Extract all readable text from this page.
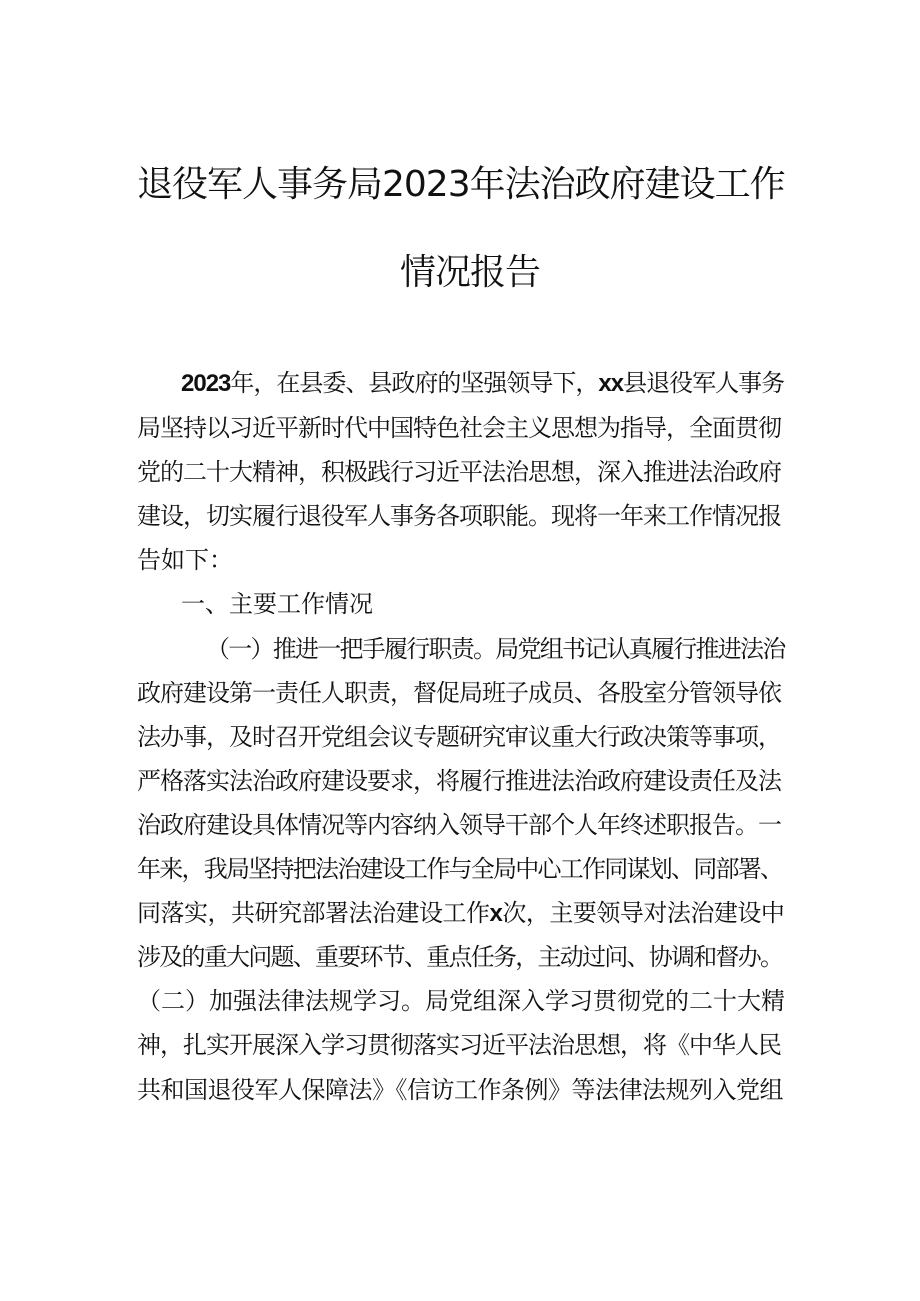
退役军人事务局2023年法治政府建设工作
情况报告
2023年，在县委、县政府的坚强领导下，xx县退役军人事务
局坚持以习近平新时代中国特色社会主义思想为指导，全面贯彻
党的二十大精神，积极践行习近平法治思想，深入推进法治政府
建设，切实履行退役军人事务各项职能。现将一年来工作情况报
告如下：
一、主要工作情况
（一）推进一把手履行职责。局党组书记认真履行推进法治
政府建设第一责任人职责，督促局班子成员、各股室分管领导依
法办事，及时召开党组会议专题研究审议重大行政决策等事项，
严格落实法治政府建设要求，将履行推进法治政府建设责任及法
治政府建设具体情况等内容纳入领导干部个人年终述职报告。一
年来，我局坚持把法治建设工作与全局中心工作同谋划、同部署、
同落实，共研究部署法治建设工作x次，主要领导对法治建设中
涉及的重大问题、重要环节、重点任务，主动过问、协调和督办。
（二）加强法律法规学习。局党组深入学习贯彻党的二十大精
神，扎实开展深入学习贯彻落实习近平法治思想，将《中华人民
共和国退役军人保障法》《信访工作条例》等法律法规列入党组
